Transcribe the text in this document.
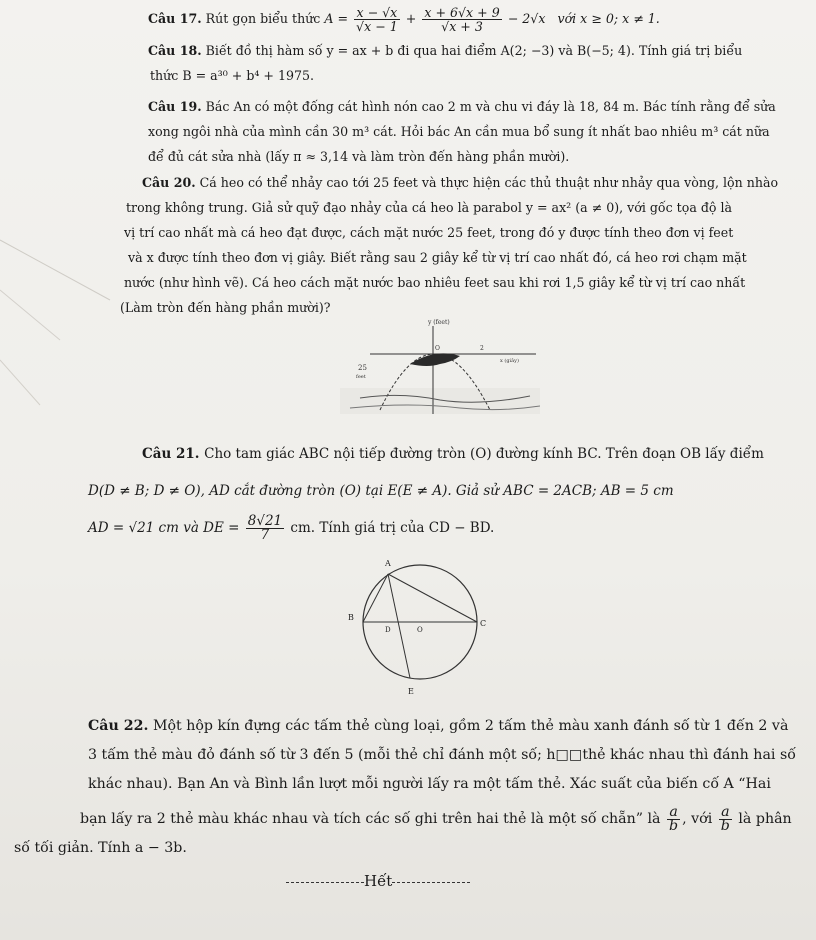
Câu 17. Rút gọn biểu thức $A = \frac{x - √x}{√x - 1} + \frac{x + 6√x + 9}{√x + 3} - 2√x$ với x ≥ 0; x ≠ 1.
Câu 18. Biết đồ thị hàm số y = ax + b đi qua hai điểm A(2; −3) và B(−5; 4). Tính giá trị biểu
thức B = a³⁰ + b⁴ + 1975.
Câu 19. Bác An có một đống cát hình nón cao 2 m và chu vi đáy là 18, 84 m. Bác tính rằng để sửa
xong ngôi nhà của mình cần 30 m³ cát. Hỏi bác An cần mua bổ sung ít nhất bao nhiêu m³ cát nữa
để đủ cát sửa nhà (lấy π ≈ 3,14 và làm tròn đến hàng phần mười).
Câu 20. Cá heo có thể nhảy cao tới 25 feet và thực hiện các thủ thuật như nhảy qua vòng, lộn nhào
trong không trung. Giả sử quỹ đạo nhảy của cá heo là parabol y = ax² (a ≠ 0), với gốc tọa độ là
vị trí cao nhất mà cá heo đạt được, cách mặt nước 25 feet, trong đó y được tính theo đơn vị feet
và x được tính theo đơn vị giây. Biết rằng sau 2 giây kể từ vị trí cao nhất đó, cá heo rơi chạm mặt
nước (như hình vẽ). Cá heo cách mặt nước bao nhiêu feet sau khi rơi 1,5 giây kể từ vị trí cao nhất
(Làm tròn đến hàng phần mười)?
y (feet)
O	2
x (giây)
25
feet
Câu 21. Cho tam giác ABC nội tiếp đường tròn (O) đường kính BC. Trên đoạn OB lấy điểm
D(D ≠ B; D ≠ O), AD cắt đường tròn (O) tại E(E ≠ A). Giả sử ABC = 2ACB; AB = 5 cm
AD = √21 cm và DE = $\frac{8√21}{7}$ cm. Tính giá trị của CD − BD.
A
B
C
D	O
E
Câu 22. Một hộp kín đựng các tấm thẻ cùng loại, gồm 2 tấm thẻ màu xanh đánh số từ 1 đến 2 và
3 tấm thẻ màu đỏ đánh số từ 3 đến 5 (mỗi thẻ chỉ đánh một số; h□□thẻ khác nhau thì đánh hai số
khác nhau). Bạn An và Bình lần lượt mỗi người lấy ra một tấm thẻ. Xác suất của biến cố A “Hai
bạn lấy ra 2 thẻ màu khác nhau và tích các số ghi trên hai thẻ là một số chẵn” là $\frac{a}{b}$ , với $\frac{a}{b}$ là phân
số tối giản. Tính a − 3b.
Hết
